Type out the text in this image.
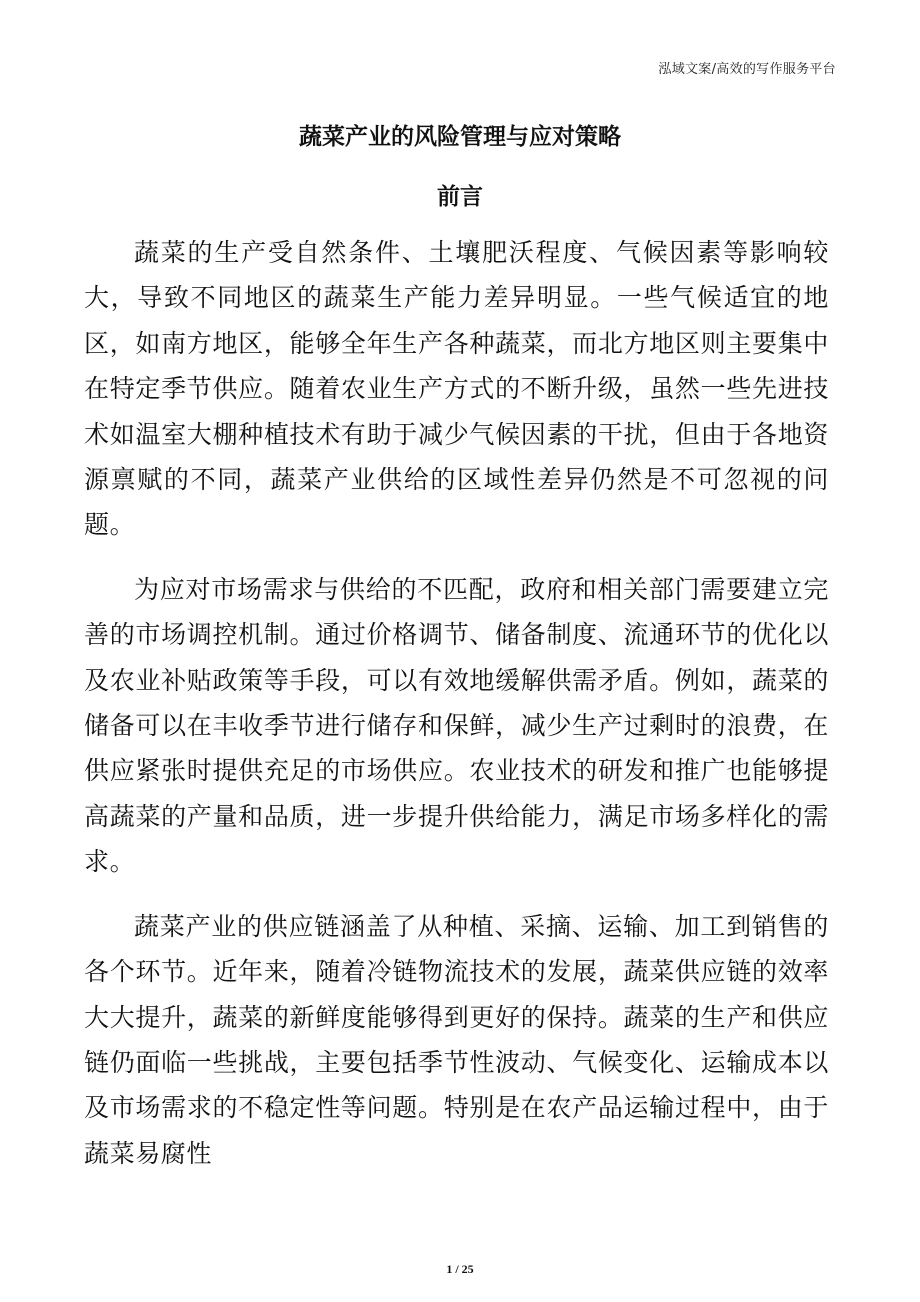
泓域文案/高效的写作服务平台
蔬菜产业的风险管理与应对策略
前言

蔬菜的生产受自然条件、土壤肥沃程度、气候因素等影响较大，导致不同地区的蔬菜生产能力差异明显。一些气候适宜的地区，如南方地区，能够全年生产各种蔬菜，而北方地区则主要集中在特定季节供应。随着农业生产方式的不断升级，虽然一些先进技术如温室大棚种植技术有助于减少气候因素的干扰，但由于各地资源禀赋的不同，蔬菜产业供给的区域性差异仍然是不可忽视的问题。

为应对市场需求与供给的不匹配，政府和相关部门需要建立完善的市场调控机制。通过价格调节、储备制度、流通环节的优化以及农业补贴政策等手段，可以有效地缓解供需矛盾。例如，蔬菜的储备可以在丰收季节进行储存和保鲜，减少生产过剩时的浪费，在供应紧张时提供充足的市场供应。农业技术的研发和推广也能够提高蔬菜的产量和品质，进一步提升供给能力，满足市场多样化的需求。

蔬菜产业的供应链涵盖了从种植、采摘、运输、加工到销售的各个环节。近年来，随着冷链物流技术的发展，蔬菜供应链的效率大大提升，蔬菜的新鲜度能够得到更好的保持。蔬菜的生产和供应链仍面临一些挑战，主要包括季节性波动、气候变化、运输成本以及市场需求的不稳定性等问题。特别是在农产品运输过程中，由于蔬菜易腐性

1 / 25
